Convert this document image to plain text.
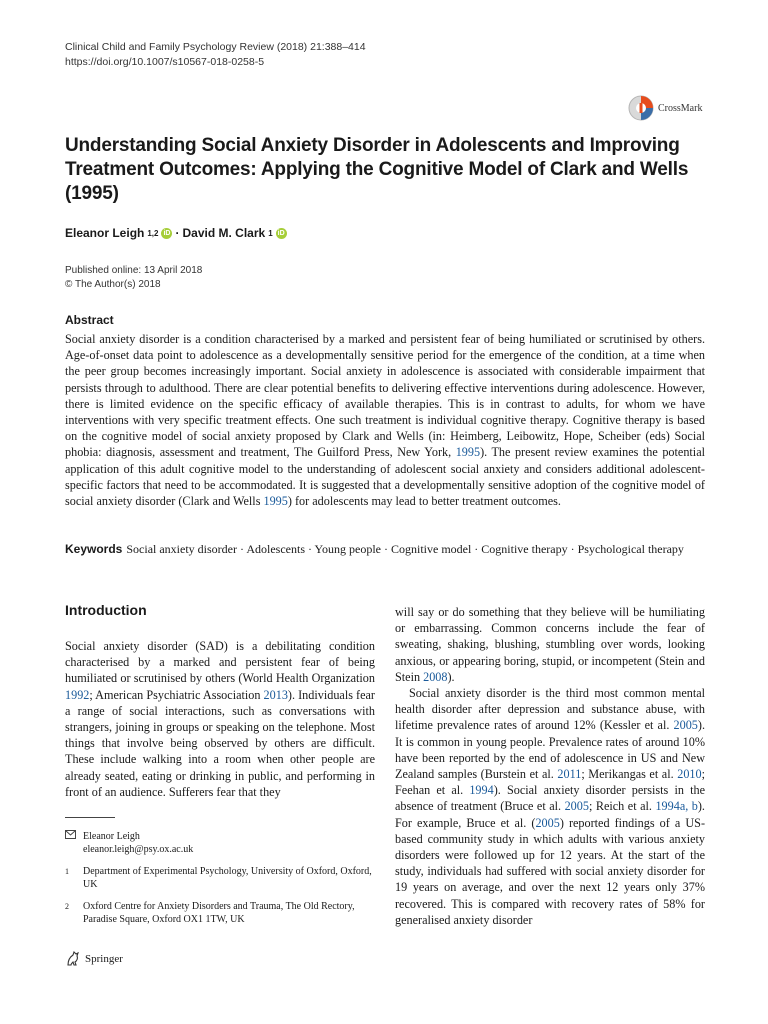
Clinical Child and Family Psychology Review (2018) 21:388–414
https://doi.org/10.1007/s10567-018-0258-5
CrossMark
Understanding Social Anxiety Disorder in Adolescents and Improving Treatment Outcomes: Applying the Cognitive Model of Clark and Wells (1995)
Eleanor Leigh 1,2 iD · David M. Clark 1 iD
Published online: 13 April 2018
© The Author(s) 2018
Abstract

Social anxiety disorder is a condition characterised by a marked and persistent fear of being humiliated or scrutinised by others. Age-of-onset data point to adolescence as a developmentally sensitive period for the emergence of the condition, at a time when the peer group becomes increasingly important. Social anxiety in adolescence is associated with considerable impairment that persists through to adulthood. There are clear potential benefits to delivering effective interventions during adolescence. However, there is limited evidence on the specific efficacy of available therapies. This is in contrast to adults, for whom we have interventions with very specific treatment effects. One such treatment is individual cognitive therapy. Cognitive therapy is based on the cognitive model of social anxiety proposed by Clark and Wells (in: Heimberg, Leibowitz, Hope, Scheiber (eds) Social phobia: diagnosis, assessment and treatment, The Guilford Press, New York, 1995). The present review examines the potential application of this adult cognitive model to the understanding of adolescent social anxiety and considers additional adolescent-specific factors that need to be accommodated. It is suggested that a developmentally sensitive adoption of the cognitive model of social anxiety disorder (Clark and Wells 1995) for adolescents may lead to better treatment outcomes.

Keywords Social anxiety disorder · Adolescents · Young people · Cognitive model · Cognitive therapy · Psychological therapy

Introduction

Social anxiety disorder (SAD) is a debilitating condition characterised by a marked and persistent fear of being humiliated or scrutinised by others (World Health Organization 1992; American Psychiatric Association 2013). Individuals fear a range of social interactions, such as conversations with strangers, joining in groups or speaking on the telephone. Most things that involve being observed by others are difficult. These include walking into a room when other people are already seated, eating or drinking in public, and performing in front of an audience. Sufferers fear that they

will say or do something that they believe will be humiliating or embarrassing. Common concerns include the fear of sweating, shaking, blushing, stumbling over words, looking anxious, or appearing boring, stupid, or incompetent (Stein and Stein 2008).

Social anxiety disorder is the third most common mental health disorder after depression and substance abuse, with lifetime prevalence rates of around 12% (Kessler et al. 2005). It is common in young people. Prevalence rates of around 10% have been reported by the end of adolescence in US and New Zealand samples (Burstein et al. 2011; Merikangas et al. 2010; Feehan et al. 1994). Social anxiety disorder persists in the absence of treatment (Bruce et al. 2005; Reich et al. 1994a, b). For example, Bruce et al. (2005) reported findings of a US-based community study in which adults with various anxiety disorders were followed up for 12 years. At the start of the study, individuals had suffered with social anxiety disorder for 19 years on average, and over the next 12 years only 37% recovered. This is compared with recovery rates of 58% for generalised anxiety disorder

Eleanor Leigh
eleanor.leigh@psy.ox.ac.uk
$^1$	Department of Experimental Psychology, University of Oxford, Oxford, UK
$^2$	Oxford Centre for Anxiety Disorders and Trauma, The Old Rectory, Paradise Square, Oxford OX1 1TW, UK
Springer
